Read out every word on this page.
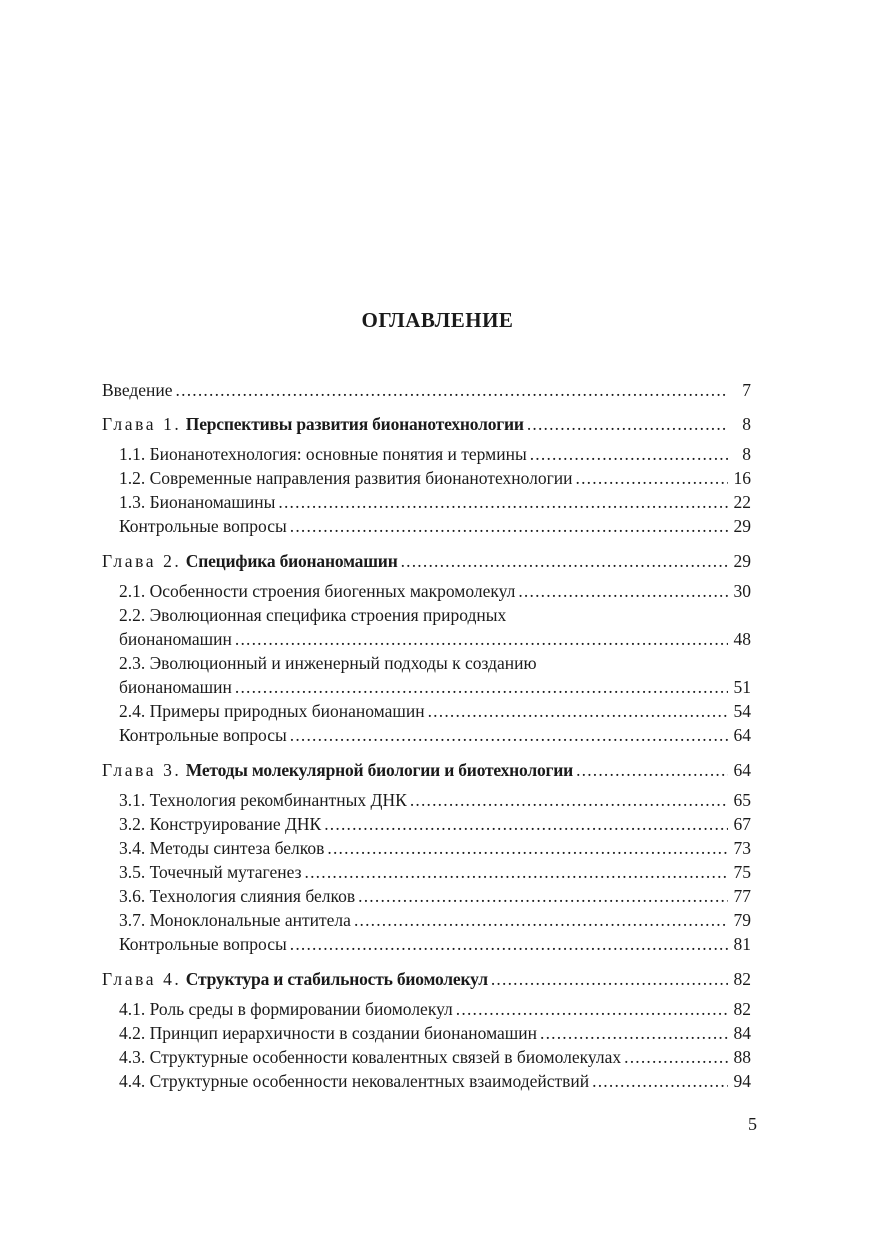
ОГЛАВЛЕНИЕ
Введение .....	7
Глава 1. Перспективы развития бионанотехнологии .....	8
1.1. Бионанотехнология: основные понятия и термины .....	8
1.2. Современные направления развития бионанотехнологии .....	16
1.3. Бионаномашины .....	22
Контрольные вопросы .....	29
Глава 2. Специфика бионаномашин .....	29
2.1. Особенности строения биогенных макромолекул .....	30
2.2. Эволюционная специфика строения природных
бионаномашин .....	48
2.3. Эволюционный и инженерный подходы к созданию
бионаномашин .....	51
2.4. Примеры природных бионаномашин .....	54
Контрольные вопросы .....	64
Глава 3. Методы молекулярной биологии и биотехнологии .....	64
3.1. Технология рекомбинантных ДНК .....	65
3.2. Конструирование ДНК .....	67
3.4. Методы синтеза белков .....	73
3.5. Точечный мутагенез .....	75
3.6. Технология слияния белков .....	77
3.7. Моноклональные антитела .....	79
Контрольные вопросы .....	81
Глава 4. Структура и стабильность биомолекул .....	82
4.1. Роль среды в формировании биомолекул .....	82
4.2. Принцип иерархичности в создании бионаномашин .....	84
4.3. Структурные особенности ковалентных связей в биомолекулах .....	88
4.4. Структурные особенности нековалентных взаимодействий .....	94
5
